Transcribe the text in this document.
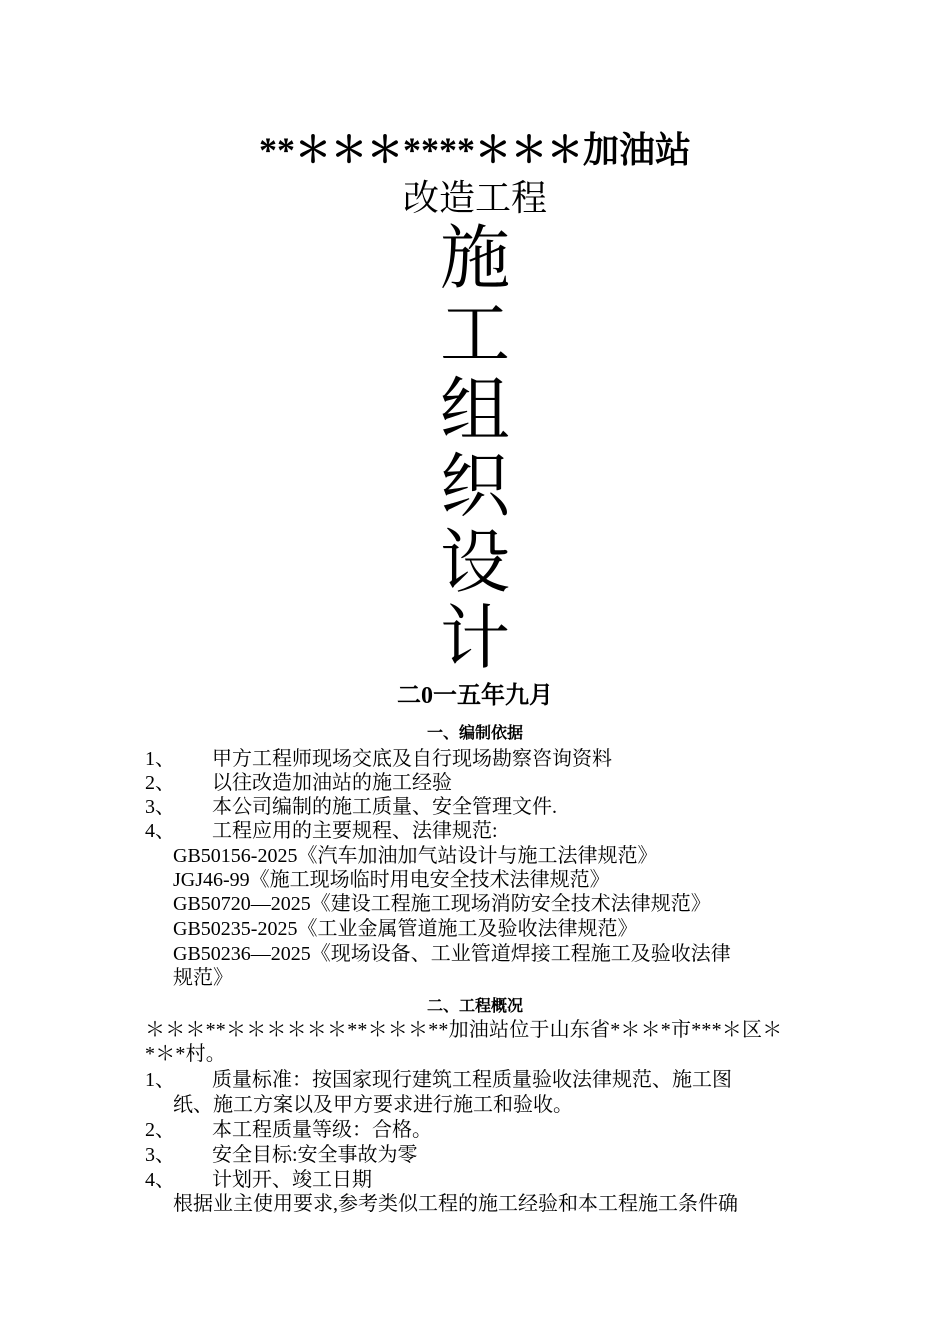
**＊＊＊****＊＊＊加油站
改造工程
施
工
组
织
设
计
二0一五年九月
一、编制依据
1、	甲方工程师现场交底及自行现场勘察咨询资料
2、	以往改造加油站的施工经验
3、	本公司编制的施工质量、安全管理文件.
4、	工程应用的主要规程、法律规范:
GB50156-2025《汽车加油加气站设计与施工法律规范》
JGJ46-99《施工现场临时用电安全技术法律规范》
GB50720—2025《建设工程施工现场消防安全技术法律规范》
GB50235-2025《工业金属管道施工及验收法律规范》
GB50236—2025《现场设备、工业管道焊接工程施工及验收法律
规范》
二、工程概况
＊＊＊**＊＊＊＊＊＊**＊＊＊**加油站位于山东省*＊＊*市***＊区＊
*＊*村。
1、	质量标准：按国家现行建筑工程质量验收法律规范、施工图
纸、施工方案以及甲方要求进行施工和验收。
2、	本工程质量等级：合格。
3、	安全目标:安全事故为零
4、	计划开、竣工日期
根据业主使用要求,参考类似工程的施工经验和本工程施工条件确
